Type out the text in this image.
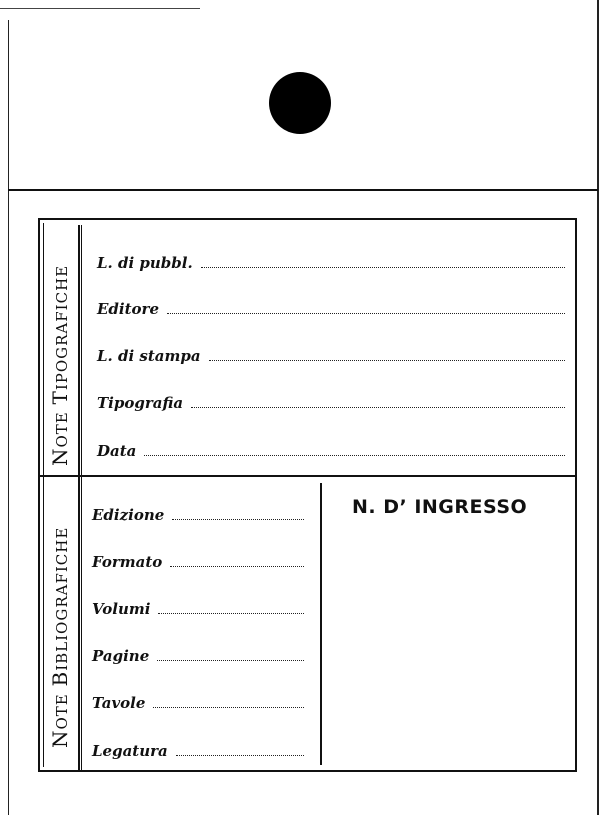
NOTE TIPOGRAFICHE
NOTE BIBLIOGRAFICHE
L. di pubbl.
Editore
L. di stampa
Tipografia
Data
Edizione
Formato
Volumi
Pagine
Tavole
Legatura
N. D’ INGRESSO
